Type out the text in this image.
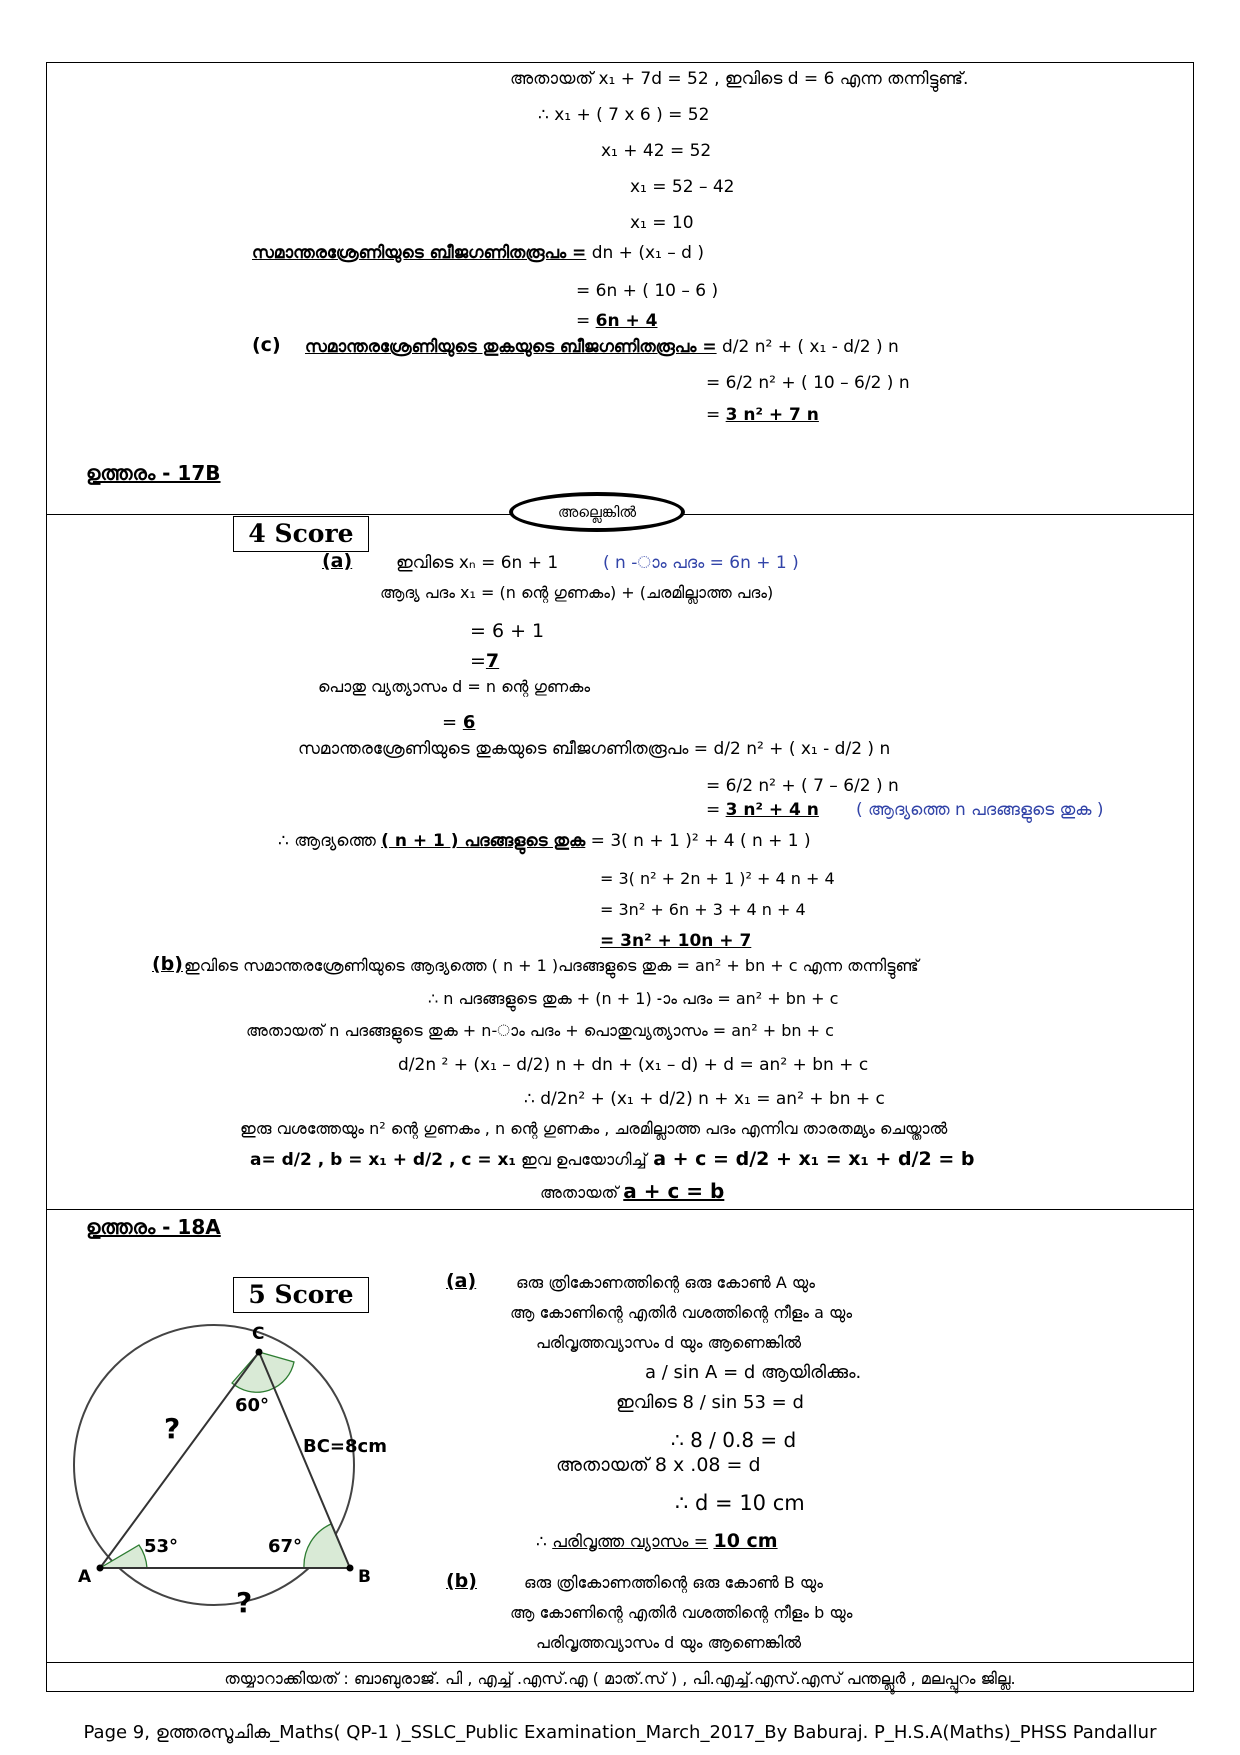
അതായത് x₁ + 7d = 52 , ഇവിടെ d = 6 എന്ന തന്നിട്ടുണ്ട്.
∴ x₁ + ( 7 x 6 ) = 52
x₁ + 42 = 52
x₁ = 52 – 42
x₁ = 10
സമാന്തരശ്രേണിയുടെ ബീജഗണിതരൂപം = dn + (x₁ – d )
= 6n + ( 10 – 6 )
= 6n + 4
(c) സമാന്തരശ്രേണിയുടെ തുകയുടെ ബീജഗണിതരൂപം = d/2 n² + ( x₁ - d/2 ) n
= 6/2 n² + ( 10 – 6/2 ) n
= 3 n² + 7 n
ഉത്തരം - 17B
അല്ലെങ്കിൽ
4 Score
(a)	ഇവിടെ xₙ = 6n + 1	( n -ാം പദം = 6n + 1 )
ആദ്യ പദം x₁ = (n ന്റെ ഗുണകം) + (ചരമില്ലാത്ത പദം)
= 6 + 1
=7
പൊതു വ്യത്യാസം d = n ന്റെ ഗുണകം
= 6
സമാന്തരശ്രേണിയുടെ തുകയുടെ ബീജഗണിതരൂപം = d/2 n² + ( x₁ - d/2 ) n
= 6/2 n² + ( 7 – 6/2 ) n
= 3 n² + 4 n ( ആദ്യത്തെ n പദങ്ങളുടെ തുക )
∴ ആദ്യത്തെ ( n + 1 ) പദങ്ങളുടെ തുക = 3( n + 1 )² + 4 ( n + 1 )
= 3( n² + 2n + 1 )² + 4 n + 4
= 3n² + 6n + 3 + 4 n + 4
= 3n² + 10n + 7
(b) ഇവിടെ സമാന്തരശ്രേണിയുടെ ആദ്യത്തെ ( n + 1 )പദങ്ങളുടെ തുക = an² + bn + c എന്ന തന്നിട്ടുണ്ട്
∴ n പദങ്ങളുടെ തുക + (n + 1) -ാം പദം = an² + bn + c
അതായത് n പദങ്ങളുടെ തുക + n-ാം പദം + പൊതുവ്യത്യാസം = an² + bn + c
d/2n ² + (x₁ – d/2) n + dn + (x₁ – d) + d = an² + bn + c
∴ d/2n² + (x₁ + d/2) n + x₁ = an² + bn + c
ഇരു വശത്തേയും n² ന്റെ ഗുണകം , n ന്റെ ഗുണകം , ചരമില്ലാത്ത പദം എന്നിവ താരതമ്യം ചെയ്താൽ
a= d/2 , b = x₁ + d/2 , c = x₁ ഇവ ഉപയോഗിച്ച് a + c = d/2 + x₁ = x₁ + d/2 = b
അതായത് a + c = b
ഉത്തരം - 18A
5 Score
C
A	B
60°
53°	67°
BC=8cm
?
?
(a) ഒരു ത്രികോണത്തിന്റെ ഒരു കോൺ A യും
ആ കോണിന്റെ എതിർ വശത്തിന്റെ നീളം a യും
പരിവൃത്തവ്യാസം d യും ആണെങ്കിൽ
a / sin A = d ആയിരിക്കും.
ഇവിടെ 8 / sin 53 = d
∴ 8 / 0.8 = d
അതായത് 8 x .08 = d
∴ d = 10 cm
∴ പരിവൃത്ത വ്യാസം = 10 cm
(b)	ഒരു ത്രികോണത്തിന്റെ ഒരു കോൺ B യും
ആ കോണിന്റെ എതിർ വശത്തിന്റെ നീളം b യും
പരിവൃത്തവ്യാസം d യും ആണെങ്കിൽ
തയ്യാറാക്കിയത് : ബാബുരാജ്. പി , എച്ച് .എസ്.എ ( മാത്.സ് ) , പി.എച്ച്.എസ്.എസ് പന്തല്ലൂർ , മലപ്പുറം ജില്ല.
Page 9, ഉത്തരസൂചിക_Maths( QP-1 )_SSLC_Public Examination_March_2017_By Baburaj. P_H.S.A(Maths)_PHSS Pandallur
